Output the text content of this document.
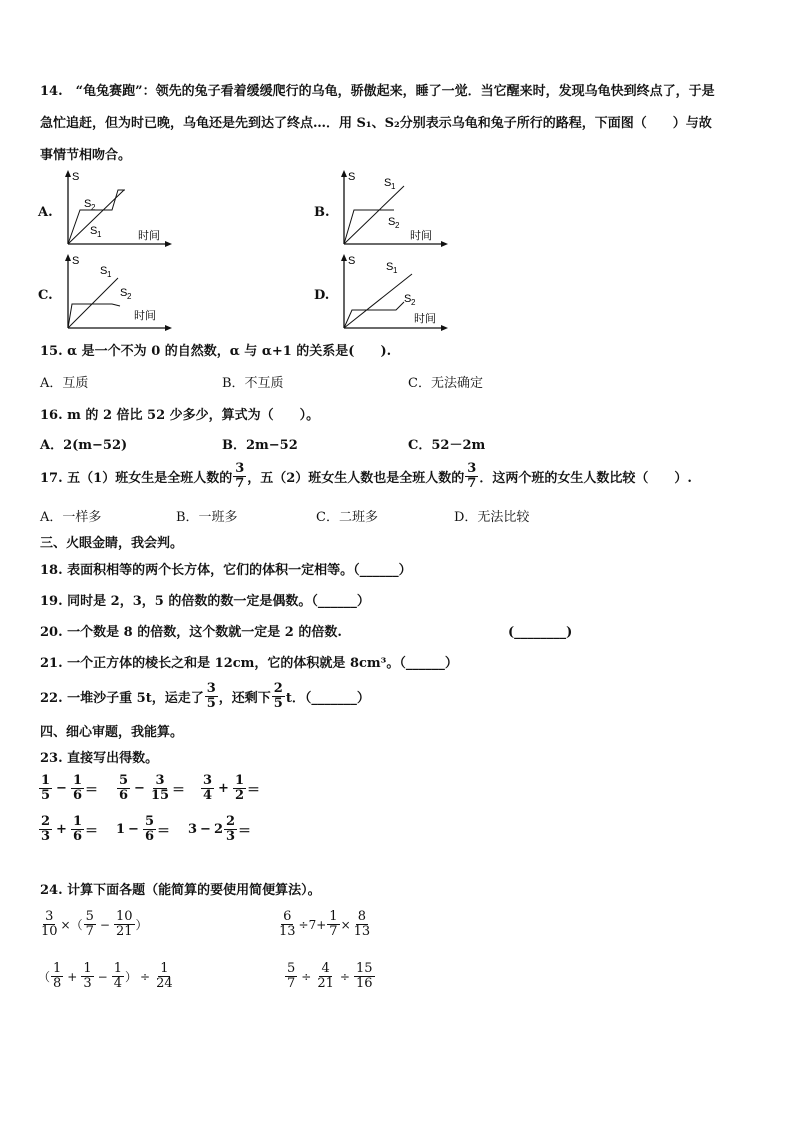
14.　“龟兔赛跑”：领先的兔子看着缓缓爬行的乌龟，骄傲起来，睡了一觉．当它醒来时，发现乌龟快到终点了，于是
急忙追赶，但为时已晚，乌龟还是先到达了终点…．用 S₁、S₂分别表示乌龟和兔子所行的路程，下面图（　　）与故
事情节相吻合。
A.
S
时间
S 2
S 1
B.
S
时间
S 1
S 2
C.
S
时间
S 1
S 2	D.
S
时间
S 1
S 2
15. α 是一个不为 0 的自然数，α 与 α+1 的关系是(　　).
A．互质	B．不互质	C．无法确定
16. m 的 2 倍比 52 少多少，算式为（　　）。
A．2(m−52)	B．2m−52	C．52－2m
17. 五（1）班女生是全班人数的 $\frac{3}{7}$ ，五（2）班女生人数也是全班人数的 $\frac{3}{7}$ ．这两个班的女生人数比较（　　）.
A．一样多	B．一班多	C．二班多	D．无法比较
三、火眼金睛，我会判。
18. 表面积相等的两个长方体，它们的体积一定相等。（______）
19. 同时是 2，3，5 的倍数的数一定是偶数。（______）
20. 一个数是 8 的倍数，这个数就一定是 2 的倍数.	(________)
21. 一个正方体的棱长之和是 12cm，它的体积就是 8cm³。（______）
22. 一堆沙子重 5t，运走了 $\frac{3}{5}$ ，还剩下 $\frac{2}{5}$ t．（_______）
四、细心审题，我能算。
23. 直接写出得数。
$\frac{1}{5} - \frac{1}{6} = \frac{5}{6} - \frac{3}{15} = \frac{3}{4} + \frac{1}{2}$ ＝
$\frac{2}{3} + \frac{1}{6} = 1 - \frac{5}{6} = 3 - 2 \frac{2}{3}$ ＝
24. 计算下面各题（能简算的要使用简便算法）。
$\frac{3}{10}$ × （ $\frac{5}{7} - \frac{10}{21}$ ）	$\frac{6}{13} \div 7+ \frac{1}{7} \times \frac{8}{13}$
（ $\frac{1}{8} + \frac{1}{3} - \frac{1}{4}$ ） ÷ $\frac{1}{24}$	$\frac{5}{7} \div \frac{4}{21} \div \frac{15}{16}$
